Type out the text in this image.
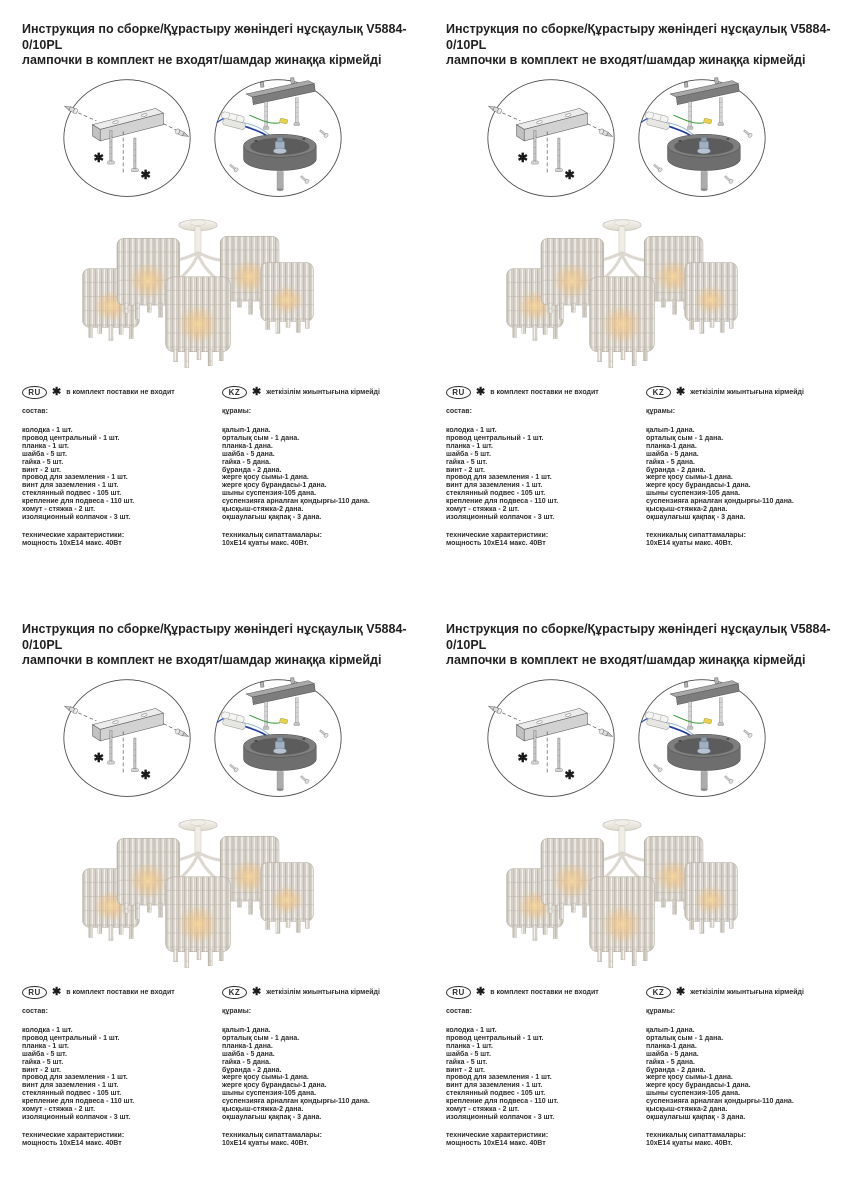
Инструкция по сборке/Құрастыру жөніндегі нұсқаулық V5884-0/10PL
лампочки в комплект не входят/шамдар жинаққа кірмейді
✱
✱
RU	✱ в комплект поставки не входит
состав:
колодка - 1 шт.
провод центральный - 1 шт.
планка - 1 шт.
шайба - 5 шт.
гайка - 5 шт.
винт - 2 шт.
провод для заземления - 1 шт.
винт для заземления - 1 шт.
стеклянный подвес - 105 шт.
крепление для подвеса - 110 шт.
хомут - стяжка - 2 шт.
изоляционный колпачок - 3 шт.
технические характеристики:
мощность 10хЕ14 макс. 40Вт
KZ	✱ жеткізілім жиынтығына кірмейді
құрамы:
қалып-1 дана.
орталық сым - 1 дана.
планка-1 дана.
шайба - 5 дана.
гайка - 5 дана.
бұранда - 2 дана.
жерге қосу сымы-1 дана.
жерге қосу бұрандасы-1 дана.
шыны суспензия-105 дана.
суспензияға арналған қондырғы-110 дана.
қысқыш-стяжка-2 дана.
оқшаулағыш қақпақ - 3 дана.
техникалық сипаттамалары:
10хЕ14 қуаты макс. 40Вт.
Инструкция по сборке/Құрастыру жөніндегі нұсқаулық V5884-0/10PL
лампочки в комплект не входят/шамдар жинаққа кірмейді
✱
✱
RU	✱ в комплект поставки не входит
состав:
колодка - 1 шт.
провод центральный - 1 шт.
планка - 1 шт.
шайба - 5 шт.
гайка - 5 шт.
винт - 2 шт.
провод для заземления - 1 шт.
винт для заземления - 1 шт.
стеклянный подвес - 105 шт.
крепление для подвеса - 110 шт.
хомут - стяжка - 2 шт.
изоляционный колпачок - 3 шт.
технические характеристики:
мощность 10хЕ14 макс. 40Вт
KZ	✱ жеткізілім жиынтығына кірмейді
құрамы:
қалып-1 дана.
орталық сым - 1 дана.
планка-1 дана.
шайба - 5 дана.
гайка - 5 дана.
бұранда - 2 дана.
жерге қосу сымы-1 дана.
жерге қосу бұрандасы-1 дана.
шыны суспензия-105 дана.
суспензияға арналған қондырғы-110 дана.
қысқыш-стяжка-2 дана.
оқшаулағыш қақпақ - 3 дана.
техникалық сипаттамалары:
10хЕ14 қуаты макс. 40Вт.
Инструкция по сборке/Құрастыру жөніндегі нұсқаулық V5884-0/10PL
лампочки в комплект не входят/шамдар жинаққа кірмейді
✱
✱
RU	✱ в комплект поставки не входит
состав:
колодка - 1 шт.
провод центральный - 1 шт.
планка - 1 шт.
шайба - 5 шт.
гайка - 5 шт.
винт - 2 шт.
провод для заземления - 1 шт.
винт для заземления - 1 шт.
стеклянный подвес - 105 шт.
крепление для подвеса - 110 шт.
хомут - стяжка - 2 шт.
изоляционный колпачок - 3 шт.
технические характеристики:
мощность 10хЕ14 макс. 40Вт
KZ	✱ жеткізілім жиынтығына кірмейді
құрамы:
қалып-1 дана.
орталық сым - 1 дана.
планка-1 дана.
шайба - 5 дана.
гайка - 5 дана.
бұранда - 2 дана.
жерге қосу сымы-1 дана.
жерге қосу бұрандасы-1 дана.
шыны суспензия-105 дана.
суспензияға арналған қондырғы-110 дана.
қысқыш-стяжка-2 дана.
оқшаулағыш қақпақ - 3 дана.
техникалық сипаттамалары:
10хЕ14 қуаты макс. 40Вт.
Инструкция по сборке/Құрастыру жөніндегі нұсқаулық V5884-0/10PL
лампочки в комплект не входят/шамдар жинаққа кірмейді
✱
✱
RU	✱ в комплект поставки не входит
состав:
колодка - 1 шт.
провод центральный - 1 шт.
планка - 1 шт.
шайба - 5 шт.
гайка - 5 шт.
винт - 2 шт.
провод для заземления - 1 шт.
винт для заземления - 1 шт.
стеклянный подвес - 105 шт.
крепление для подвеса - 110 шт.
хомут - стяжка - 2 шт.
изоляционный колпачок - 3 шт.
технические характеристики:
мощность 10хЕ14 макс. 40Вт
KZ	✱ жеткізілім жиынтығына кірмейді
құрамы:
қалып-1 дана.
орталық сым - 1 дана.
планка-1 дана.
шайба - 5 дана.
гайка - 5 дана.
бұранда - 2 дана.
жерге қосу сымы-1 дана.
жерге қосу бұрандасы-1 дана.
шыны суспензия-105 дана.
суспензияға арналған қондырғы-110 дана.
қысқыш-стяжка-2 дана.
оқшаулағыш қақпақ - 3 дана.
техникалық сипаттамалары:
10хЕ14 қуаты макс. 40Вт.
